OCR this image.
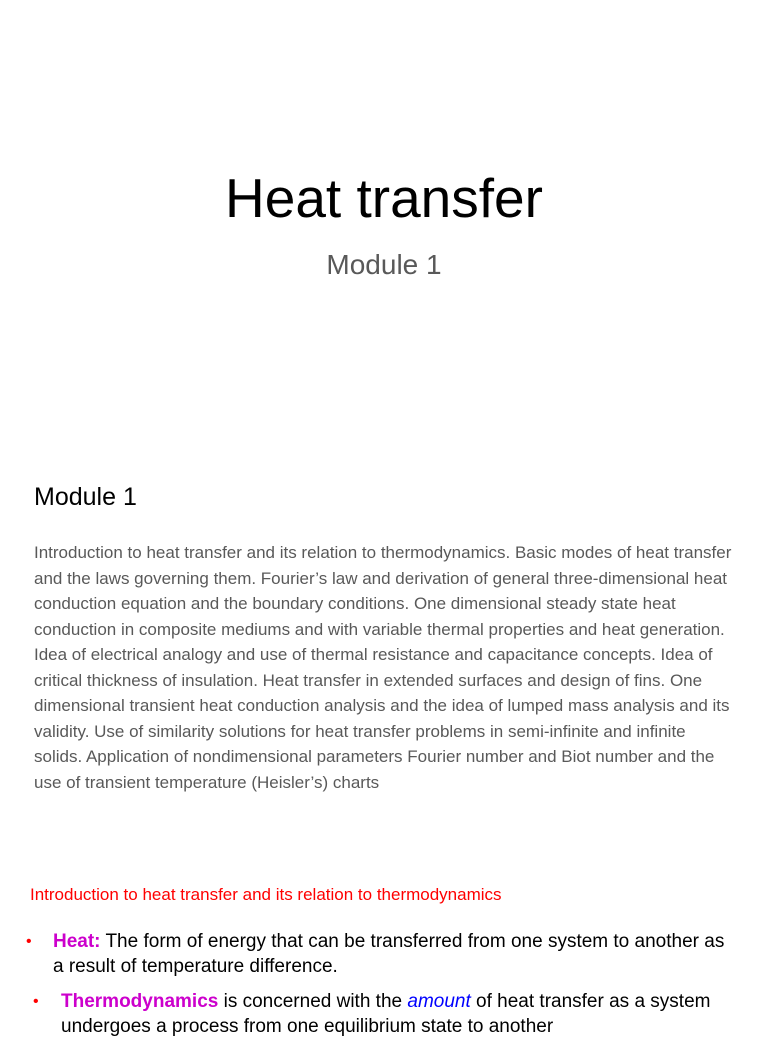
Heat transfer
Module 1
Module 1
Introduction to heat transfer and its relation to thermodynamics. Basic modes of heat transfer and the laws governing them. Fourier’s law and derivation of general three-dimensional heat conduction equation and the boundary conditions. One dimensional steady state heat conduction in composite mediums and with variable thermal properties and heat generation. Idea of electrical analogy and use of thermal resistance and capacitance concepts. Idea of critical thickness of insulation. Heat transfer in extended surfaces and design of fins. One dimensional transient heat conduction analysis and the idea of lumped mass analysis and its validity. Use of similarity solutions for heat transfer problems in semi-infinite and infinite solids. Application of nondimensional parameters Fourier number and Biot number and the use of transient temperature (Heisler’s) charts
Introduction to heat transfer and its relation to thermodynamics
• Heat: The form of energy that can be transferred from one system to another as a result of temperature difference.
• Thermodynamics is concerned with the amount of heat transfer as a system undergoes a process from one equilibrium state to another
